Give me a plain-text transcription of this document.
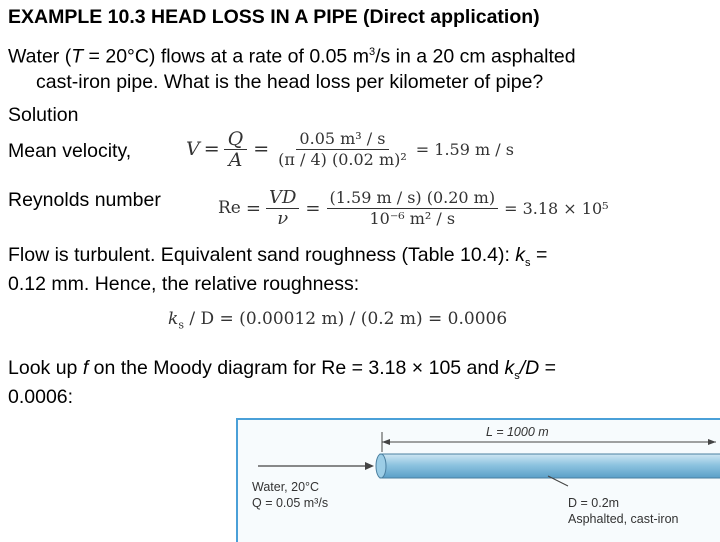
EXAMPLE 10.3 HEAD LOSS IN A PIPE (Direct application)
Water (T = 20°C) flows at a rate of 0.05 $m^3/s$ in a 20 cm asphalted
cast-iron pipe. What is the head loss per kilometer of pipe?
Solution
Mean velocity,	$V = \frac{Q}{A} = \frac{\text{0.05 m³ / s}}{\text{(π / 4) (0.02 m)²}} = 1.59$ m / s
Reynolds number	$Re = \frac{VD}{\nu} = \frac{(1.59 m / s) (0.20 m)}{\text{10⁻⁶ m² / s}} = 3.18 \times 10^5$
Flow is turbulent. Equivalent sand roughness (Table 10.4): $k_s$ =
0.12 mm. Hence, the relative roughness:
$k_s / D = (0.00012$ m) / (0.2 m) = 0.0006
Look up f on the Moody diagram for Re = 3.18 × 105 and $k_s/D$ =
0.0006:
L = 1000 m
Water, 20°C
Q = 0.05 m³/s	D = 0.2m
Asphalted, cast-iron
